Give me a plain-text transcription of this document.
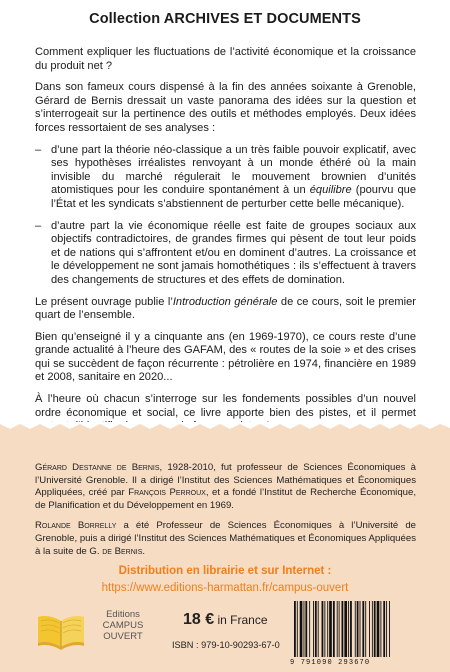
Collection ARCHIVES ET DOCUMENTS

Comment expliquer les fluctuations de l’activité économique et la croissance du produit net ?

Dans son fameux cours dispensé à la fin des années soixante à Grenoble, Gérard de Bernis dressait un vaste panorama des idées sur la question et s’interrogeait sur la pertinence des outils et méthodes employés. Deux idées forces ressortaient de ses analyses :

– d’une part la théorie néo-classique a un très faible pouvoir explicatif, avec ses hypothèses irréalistes renvoyant à un monde éthéré où la main invisible du marché régulerait le mouvement brownien d’unités atomistiques pour les conduire spontanément à un équilibre (pourvu que l’État et les syndicats s’abstiennent de perturber cette belle mécanique).
– d’autre part la vie économique réelle est faite de groupes sociaux aux objectifs contradictoires, de grandes firmes qui pèsent de tout leur poids et de nations qui s’affrontent et/ou en dominent d’autres. La croissance et le développement ne sont jamais homothétiques : ils s’effectuent à travers des changements de structures et des effets de domination.

Le présent ouvrage publie l’Introduction générale de ce cours, soit le premier quart de l’ensemble.

Bien qu’enseigné il y a cinquante ans (en 1969-1970), ce cours reste d’une grande actualité à l’heure des GAFAM, des « routes de la soie » et des crises qui se succèdent de façon récurrente : pétrolière en 1974, financière en 1989 et 2008, sanitaire en 2020...

À l’heure où chacun s’interroge sur les fondements possibles d’un nouvel ordre économique et social, ce livre apporte bien des pistes, et il permet

Gérard Destanne de Bernis, 1928-2010, fut professeur de Sciences Économiques à l’Université Grenoble. Il a dirigé l’Institut des Sciences Mathématiques et Économiques Appliquées, créé par François Perroux, et a fondé l’Institut de Recherche Économique, de Planification et du Développement en 1969.

Rolande Borrelly a été Professeur de Sciences Économiques à l’Université de Grenoble, puis a dirigé l’Institut des Sciences Mathématiques et Économiques Appliquées à la suite de G. de Bernis.

Distribution en librairie et sur Internet :
https://www.editions-harmattan.fr/campus-ouvert
Editions
CAMPUS
OUVERT
18 € in France
ISBN : 979-10-90293-67-0
9 791090 293670
